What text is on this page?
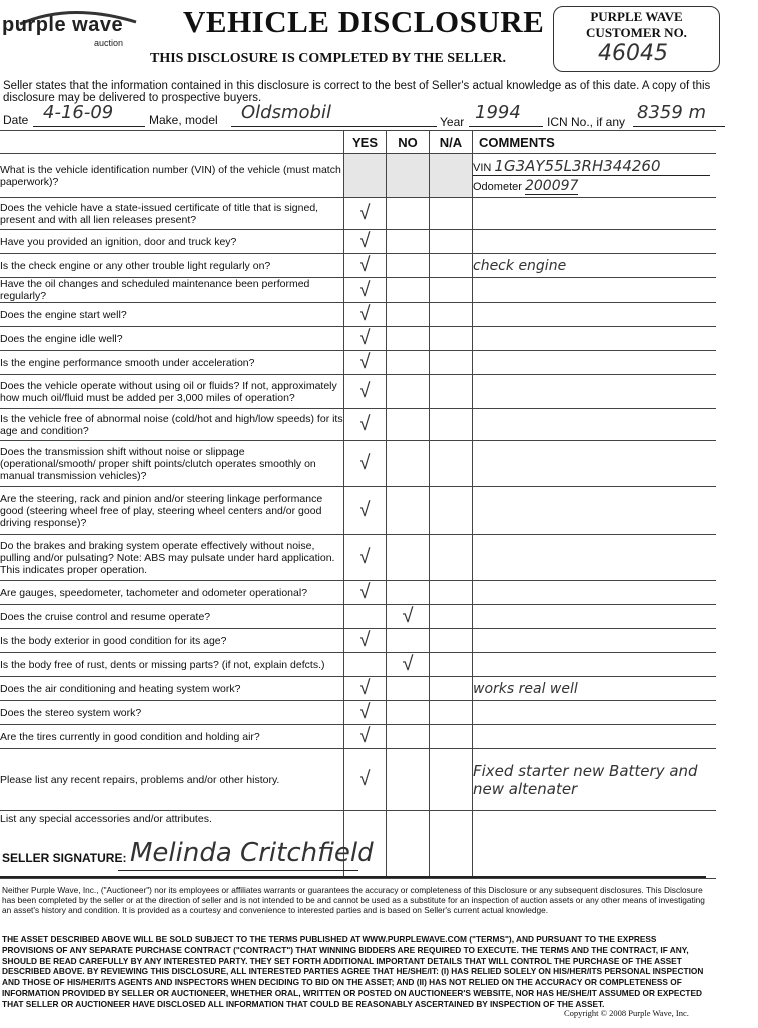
purple wave
auction
VEHICLE DISCLOSURE
THIS DISCLOSURE IS COMPLETED BY THE SELLER.
PURPLE WAVE
CUSTOMER NO.
46045
Seller states that the information contained in this disclosure is correct to the best of Seller's actual knowledge as of this date. A copy of this disclosure may be delivered to prospective buyers.
Date 4-16-09	Make, model Oldsmobil	Year 1994 ICN No., if any 8359 m
	YES	NO	N/A	COMMENTS
What is the vehicle identification number (VIN) of the vehicle (must match paperwork)?				VIN 1G3AY55L3RH344260
Odometer 200097

Does the vehicle have a state-issued certificate of title that is signed, present and with all lien releases present?	√			
Have you provided an ignition, door and truck key?	√			
Is the check engine or any other trouble light regularly on?	√			check engine
Have the oil changes and scheduled maintenance been performed regularly?	√			
Does the engine start well?	√			
Does the engine idle well?	√			
Is the engine performance smooth under acceleration?	√			
Does the vehicle operate without using oil or fluids? If not, approximately how much oil/fluid must be added per 3,000 miles of operation?	√			
Is the vehicle free of abnormal noise (cold/hot and high/low speeds) for its age and condition?	√			
Does the transmission shift without noise or slippage (operational/smooth/ proper shift points/clutch operates smoothly on manual transmission vehicles)?	√			
Are the steering, rack and pinion and/or steering linkage performance good (steering wheel free of play, steering wheel centers and/or good driving response)?	√			
Do the brakes and braking system operate effectively without noise, pulling and/or pulsating? Note: ABS may pulsate under hard application. This indicates proper operation.	√			
Are gauges, speedometer, tachometer and odometer operational?	√			
Does the cruise control and resume operate?		√		
Is the body exterior in good condition for its age?	√			
Is the body free of rust, dents or missing parts? (if not, explain defcts.)		√		
Does the air conditioning and heating system work?	√			works real well
Does the stereo system work?	√			
Are the tires currently in good condition and holding air?	√			
Please list any recent repairs, problems and/or other history.	√			Fixed starter new Battery and new altenater
List any special accessories and/or attributes.				
SELLER SIGNATURE: Melinda Critchfield
Neither Purple Wave, Inc., ("Auctioneer") nor its employees or affiliates warrants or guarantees the accuracy or completeness of this Disclosure or any subsequent disclosures. This Disclosure has been completed by the seller or at the direction of seller and is not intended to be and cannot be used as a substitute for an inspection of auction assets or any other means of investigating an asset's history and condition. It is provided as a courtesy and convenience to interested parties and is based on Seller's current actual knowledge.
THE ASSET DESCRIBED ABOVE WILL BE SOLD SUBJECT TO THE TERMS PUBLISHED AT WWW.PURPLEWAVE.COM ("TERMS"), AND PURSUANT TO THE EXPRESS PROVISIONS OF ANY SEPARATE PURCHASE CONTRACT ("CONTRACT") THAT WINNING BIDDERS ARE REQUIRED TO EXECUTE. THE TERMS AND THE CONTRACT, IF ANY, SHOULD BE READ CAREFULLY BY ANY INTERESTED PARTY. THEY SET FORTH ADDITIONAL IMPORTANT DETAILS THAT WILL CONTROL THE PURCHASE OF THE ASSET DESCRIBED ABOVE. BY REVIEWING THIS DISCLOSURE, ALL INTERESTED PARTIES AGREE THAT HE/SHE/IT: (I) HAS RELIED SOLELY ON HIS/HER/ITS PERSONAL INSPECTION AND THOSE OF HIS/HER/ITS AGENTS AND INSPECTORS WHEN DECIDING TO BID ON THE ASSET; AND (II) HAS NOT RELIED ON THE ACCURACY OR COMPLETENESS OF INFORMATION PROVIDED BY SELLER OR AUCTIONEER, WHETHER ORAL, WRITTEN OR POSTED ON AUCTIONEER'S WEBSITE, NOR HAS HE/SHE/IT ASSUMED OR EXPECTED THAT SELLER OR AUCTIONEER HAVE DISCLOSED ALL INFORMATION THAT COULD BE REASONABLY ASCERTAINED BY INSPECTION OF THE ASSET.
Copyright © 2008 Purple Wave, Inc.
